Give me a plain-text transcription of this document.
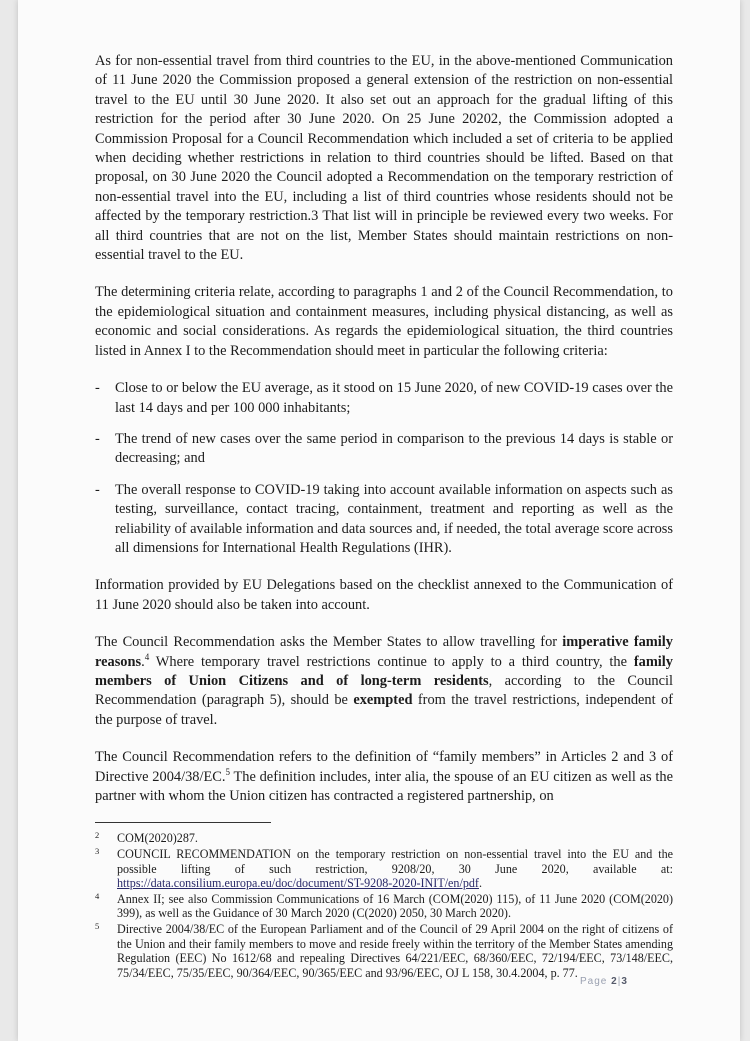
As for non-essential travel from third countries to the EU, in the above-mentioned Communication of 11 June 2020 the Commission proposed a general extension of the restriction on non-essential travel to the EU until 30 June 2020. It also set out an approach for the gradual lifting of this restriction for the period after 30 June 2020. On 25 June 20202, the Commission adopted a Commission Proposal for a Council Recommendation which included a set of criteria to be applied when deciding whether restrictions in relation to third countries should be lifted. Based on that proposal, on 30 June 2020 the Council adopted a Recommendation on the temporary restriction of non-essential travel into the EU, including a list of third countries whose residents should not be affected by the temporary restriction.3 That list will in principle be reviewed every two weeks. For all third countries that are not on the list, Member States should maintain restrictions on non-essential travel to the EU.

The determining criteria relate, according to paragraphs 1 and 2 of the Council Recommendation, to the epidemiological situation and containment measures, including physical distancing, as well as economic and social considerations. As regards the epidemiological situation, the third countries listed in Annex I to the Recommendation should meet in particular the following criteria:

- Close to or below the EU average, as it stood on 15 June 2020, of new COVID-19 cases over the last 14 days and per 100 000 inhabitants;
- The trend of new cases over the same period in comparison to the previous 14 days is stable or decreasing; and
- The overall response to COVID-19 taking into account available information on aspects such as testing, surveillance, contact tracing, containment, treatment and reporting as well as the reliability of available information and data sources and, if needed, the total average score across all dimensions for International Health Regulations (IHR).

Information provided by EU Delegations based on the checklist annexed to the Communication of 11 June 2020 should also be taken into account.

The Council Recommendation asks the Member States to allow travelling for imperative family reasons.$^4$ Where temporary travel restrictions continue to apply to a third country, the family members of Union Citizens and of long-term residents, according to the Council Recommendation (paragraph 5), should be exempted from the travel restrictions, independent of the purpose of travel.

The Council Recommendation refers to the definition of “family members” in Articles 2 and 3 of Directive 2004/38/EC.$^5$ The definition includes, inter alia, the spouse of an EU citizen as well as the partner with whom the Union citizen has contracted a registered partnership, on

2 COM(2020)287.
3 COUNCIL RECOMMENDATION on the temporary restriction on non-essential travel into the EU and the possible lifting of such restriction, 9208/20, 30 June 2020, available at: https://data.consilium.europa.eu/doc/document/ST-9208-2020-INIT/en/pdf.
4 Annex II; see also Commission Communications of 16 March (COM(2020) 115), of 11 June 2020 (COM(2020) 399), as well as the Guidance of 30 March 2020 (C(2020) 2050, 30 March 2020).
5 Directive 2004/38/EC of the European Parliament and of the Council of 29 April 2004 on the right of citizens of the Union and their family members to move and reside freely within the territory of the Member States amending Regulation (EEC) No 1612/68 and repealing Directives 64/221/EEC, 68/360/EEC, 72/194/EEC, 73/148/EEC, 75/34/EEC, 75/35/EEC, 90/364/EEC, 90/365/EEC and 93/96/EEC, OJ L 158, 30.4.2004, p. 77.
Page 2|3
